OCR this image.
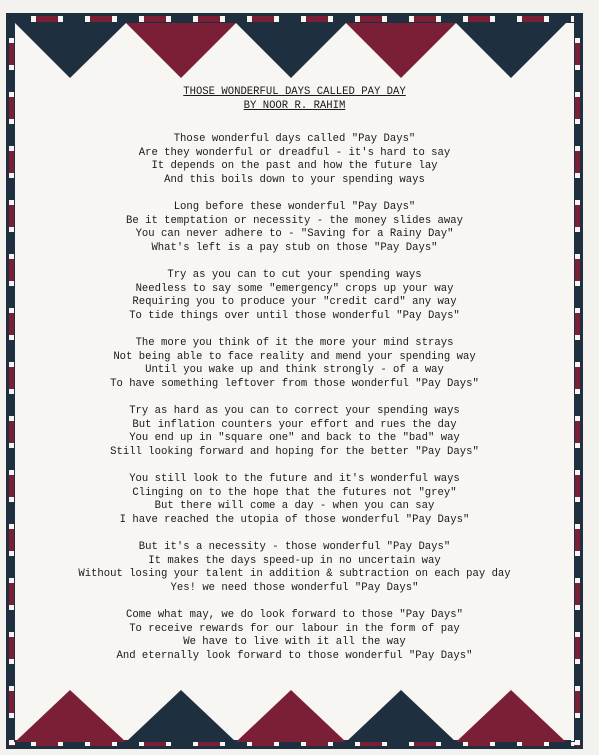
THOSE WONDERFUL DAYS CALLED PAY DAY
BY NOOR R. RAHIM
Those wonderful days called "Pay Days"
Are they wonderful or dreadful - it's hard to say
It depends on the past and how the future lay
And this boils down to your spending ways
Long before these wonderful "Pay Days"
Be it temptation or necessity - the money slides away
You can never adhere to - "Saving for a Rainy Day"
What's left is a pay stub on those "Pay Days"
Try as you can to cut your spending ways
Needless to say some "emergency" crops up your way
Requiring you to produce your "credit card" any way
To tide things over until those wonderful "Pay Days"
The more you think of it the more your mind strays
Not being able to face reality and mend your spending way
Until you wake up and think strongly - of a way
To have something leftover from those wonderful "Pay Days"
Try as hard as you can to correct your spending ways
But inflation counters your effort and rues the day
You end up in "square one" and back to the "bad" way
Still looking forward and hoping for the better "Pay Days"
You still look to the future and it's wonderful ways
Clinging on to the hope that the futures not "grey"
But there will come a day - when you can say
I have reached the utopia of those wonderful "Pay Days"
But it's a necessity - those wonderful "Pay Days"
It makes the days speed-up in no uncertain way
Without losing your talent in addition & subtraction on each pay day
Yes! we need those wonderful "Pay Days"
Come what may, we do look forward to those "Pay Days"
To receive rewards for our labour in the form of pay
We have to live with it all the way
And eternally look forward to those wonderful "Pay Days"
